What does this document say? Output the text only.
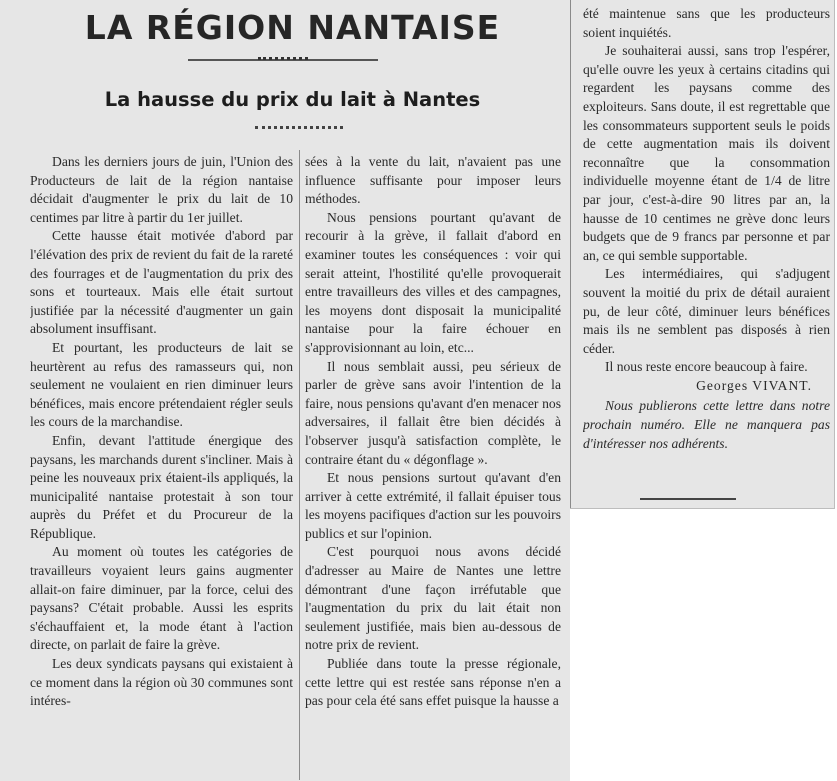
LA RÉGION NANTAISE
La hausse du prix du lait à Nantes

Dans les derniers jours de juin, l'Union des Producteurs de lait de la région nantaise décidait d'augmenter le prix du lait de 10 centimes par litre à partir du 1er juillet.

Cette hausse était motivée d'abord par l'élévation des prix de revient du fait de la rareté des fourrages et de l'augmentation du prix des sons et tourteaux. Mais elle était surtout justifiée par la nécessité d'augmenter un gain absolument insuffisant.

Et pourtant, les producteurs de lait se heurtèrent au refus des ramasseurs qui, non seulement ne voulaient en rien diminuer leurs bénéfices, mais encore prétendaient régler seuls les cours de la marchandise.

Enfin, devant l'attitude énergique des paysans, les marchands durent s'incliner. Mais à peine les nouveaux prix étaient-ils appliqués, la municipalité nantaise protestait à son tour auprès du Préfet et du Procureur de la République.

Au moment où toutes les catégories de travailleurs voyaient leurs gains augmenter allait-on faire diminuer, par la force, celui des paysans? C'était probable. Aussi les esprits s'échauffaient et, la mode étant à l'action directe, on parlait de faire la grève.

Les deux syndicats paysans qui existaient à ce moment dans la région où 30 communes sont intéres-

sées à la vente du lait, n'avaient pas une influence suffisante pour imposer leurs méthodes.

Nous pensions pourtant qu'avant de recourir à la grève, il fallait d'abord en examiner toutes les conséquences : voir qui serait atteint, l'hostilité qu'elle provoquerait entre travailleurs des villes et des campagnes, les moyens dont disposait la municipalité nantaise pour la faire échouer en s'approvisionnant au loin, etc...

Il nous semblait aussi, peu sérieux de parler de grève sans avoir l'intention de la faire, nous pensions qu'avant d'en menacer nos adversaires, il fallait être bien décidés à l'observer jusqu'à satisfaction complète, le contraire étant du « dégonflage ».

Et nous pensions surtout qu'avant d'en arriver à cette extrémité, il fallait épuiser tous les moyens pacifiques d'action sur les pouvoirs publics et sur l'opinion.

C'est pourquoi nous avons décidé d'adresser au Maire de Nantes une lettre démontrant d'une façon irréfutable que l'augmentation du prix du lait était non seulement justifiée, mais bien au-dessous de notre prix de revient.

Publiée dans toute la presse régionale, cette lettre qui est restée sans réponse n'en a pas pour cela été sans effet puisque la hausse a

été maintenue sans que les producteurs soient inquiétés.

Je souhaiterai aussi, sans trop l'espérer, qu'elle ouvre les yeux à certains citadins qui regardent les paysans comme des exploiteurs. Sans doute, il est regrettable que les consommateurs supportent seuls le poids de cette augmentation mais ils doivent reconnaître que la consommation individuelle moyenne étant de 1/4 de litre par jour, c'est-à-dire 90 litres par an, la hausse de 10 centimes ne grève donc leurs budgets que de 9 francs par personne et par an, ce qui semble supportable.

Les intermédiaires, qui s'adjugent souvent la moitié du prix de détail auraient pu, de leur côté, diminuer leurs bénéfices mais ils ne semblent pas disposés à rien céder.

Il nous reste encore beaucoup à faire.

Georges VIVANT.

Nous publierons cette lettre dans notre prochain numéro. Elle ne manquera pas d'intéresser nos adhérents.
